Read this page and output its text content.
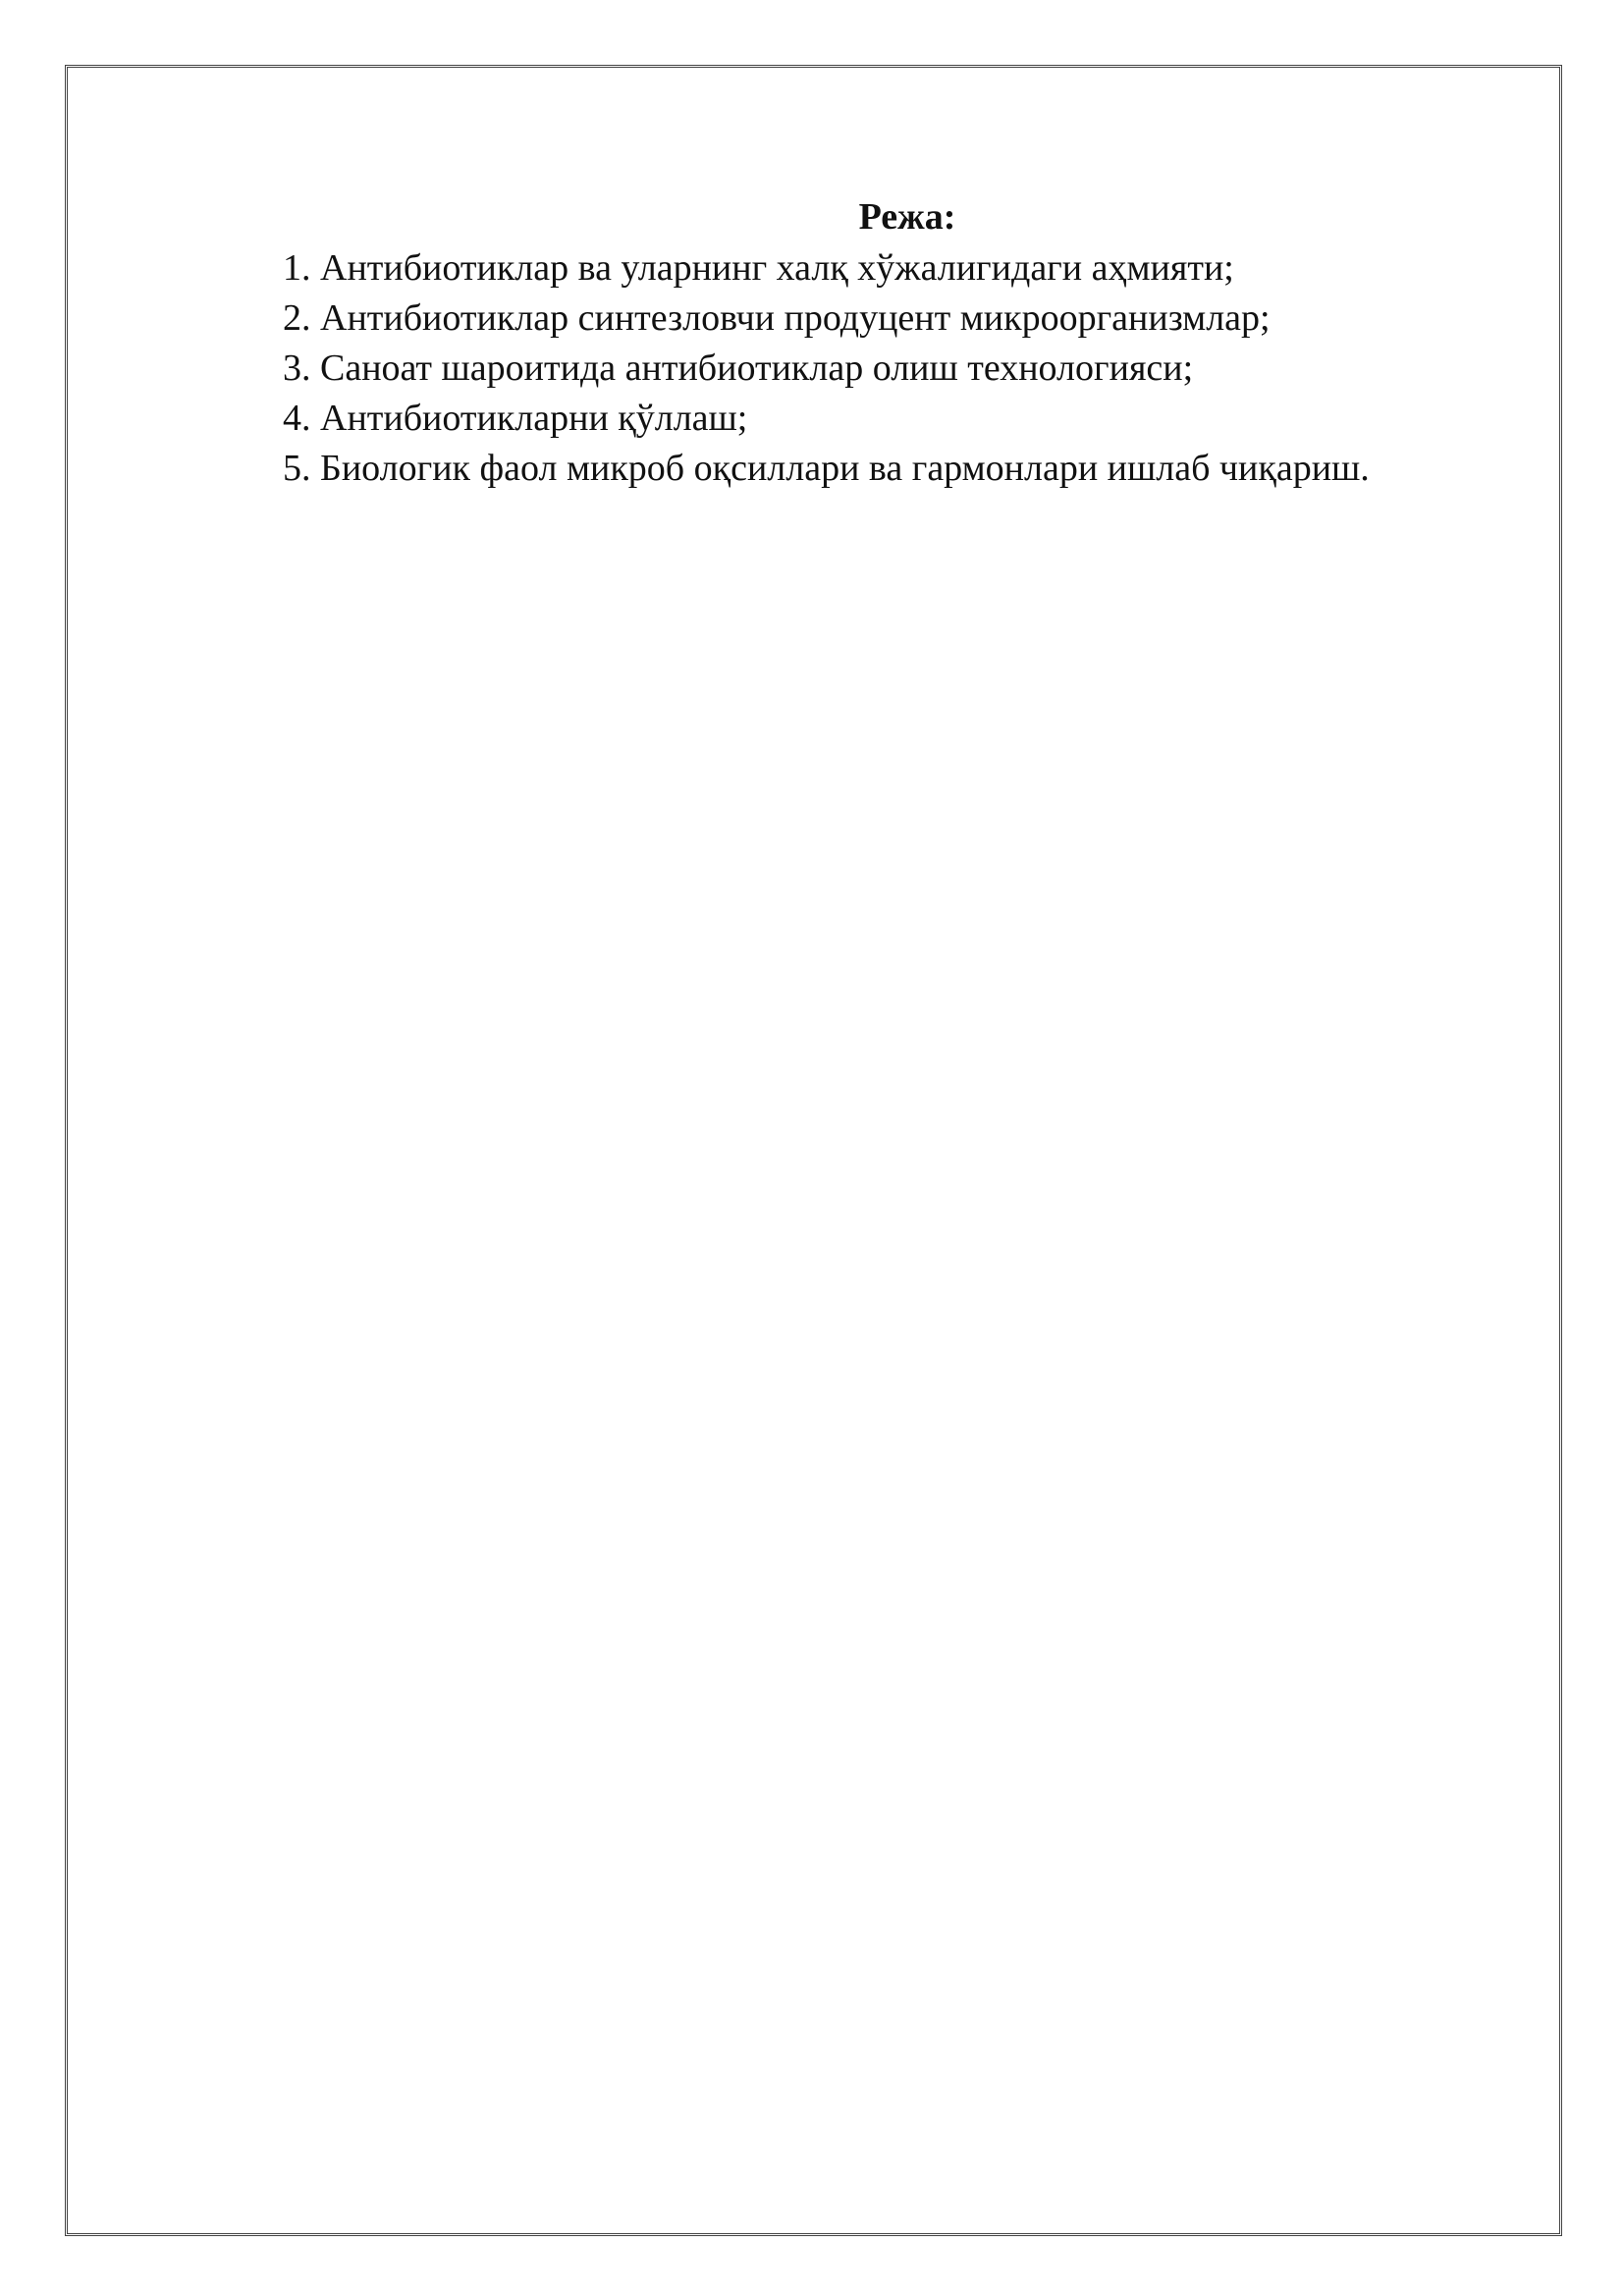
Режа:
1. Антибиотиклар ва уларнинг халқ хўжалигидаги аҳмияти;
2. Антибиотиклар синтезловчи продуцент микроорганизмлар;
3. Саноат шароитида антибиотиклар олиш технологияси;
4. Антибиотикларни қўллаш;
5. Биологик фаол микроб оқсиллари ва гармонлари ишлаб чиқариш.
